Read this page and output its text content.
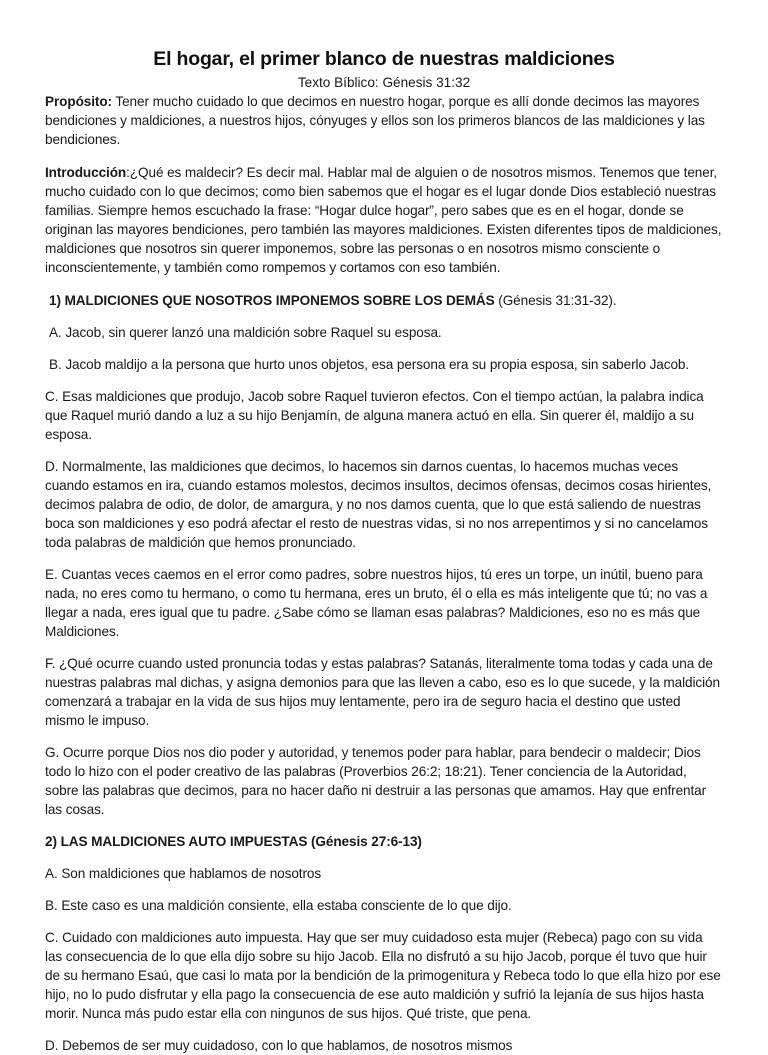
El hogar, el primer blanco de nuestras maldiciones
Texto Bíblico: Génesis 31:32

Propósito: Tener mucho cuidado lo que decimos en nuestro hogar, porque es allí donde decimos las mayores bendiciones y maldiciones, a nuestros hijos, cónyuges y ellos son los primeros blancos de las maldiciones y las bendiciones.

Introducción:¿Qué es maldecir? Es decir mal. Hablar mal de alguien o de nosotros mismos. Tenemos que tener, mucho cuidado con lo que decimos; como bien sabemos que el hogar es el lugar donde Dios estableció nuestras familias. Siempre hemos escuchado la frase: “Hogar dulce hogar”, pero sabes que es en el hogar, donde se originan las mayores bendiciones, pero también las mayores maldiciones. Existen diferentes tipos de maldiciones, maldiciones que nosotros sin querer imponemos, sobre las personas o en nosotros mismo consciente o inconscientemente, y también como rompemos y cortamos con eso también.

1) MALDICIONES QUE NOSOTROS IMPONEMOS SOBRE LOS DEMÁS (Génesis 31:31-32).

A. Jacob, sin querer lanzó una maldición sobre Raquel su esposa.

B. Jacob maldijo a la persona que hurto unos objetos, esa persona era su propia esposa, sin saberlo Jacob.

C. Esas maldiciones que produjo, Jacob sobre Raquel tuvieron efectos. Con el tiempo actúan, la palabra indica que Raquel murió dando a luz a su hijo Benjamín, de alguna manera actuó en ella. Sin querer él, maldijo a su esposa.

D. Normalmente, las maldiciones que decimos, lo hacemos sin darnos cuentas, lo hacemos muchas veces cuando estamos en ira, cuando estamos molestos, decimos insultos, decimos ofensas, decimos cosas hirientes, decimos palabra de odio, de dolor, de amargura, y no nos damos cuenta, que lo que está saliendo de nuestras boca son maldiciones y eso podrá afectar el resto de nuestras vidas, si no nos arrepentimos y si no cancelamos toda palabras de maldición que hemos pronunciado.

E. Cuantas veces caemos en el error como padres, sobre nuestros hijos, tú eres un torpe, un inútil, bueno para nada, no eres como tu hermano, o como tu hermana, eres un bruto, él o ella es más inteligente que tú; no vas a llegar a nada, eres igual que tu padre. ¿Sabe cómo se llaman esas palabras? Maldiciones, eso no es más que Maldiciones.

F. ¿Qué ocurre cuando usted pronuncia todas y estas palabras? Satanás, literalmente toma todas y cada una de nuestras palabras mal dichas, y asigna demonios para que las lleven a cabo, eso es lo que sucede, y la maldición comenzará a trabajar en la vida de sus hijos muy lentamente, pero ira de seguro hacia el destino que usted mismo le impuso.

G. Ocurre porque Dios nos dio poder y autoridad, y tenemos poder para hablar, para bendecir o maldecir; Dios todo lo hizo con el poder creativo de las palabras (Proverbios 26:2; 18:21). Tener conciencia de la Autoridad, sobre las palabras que decimos, para no hacer daño ni destruir a las personas que amamos. Hay que enfrentar las cosas.

2) LAS MALDICIONES AUTO IMPUESTAS (Génesis 27:6-13)

A. Son maldiciones que hablamos de nosotros

B. Este caso es una maldición consiente, ella estaba consciente de lo que dijo.

C. Cuidado con maldiciones auto impuesta. Hay que ser muy cuidadoso esta mujer (Rebeca) pago con su vida las consecuencia de lo que ella dijo sobre su hijo Jacob. Ella no disfrutó a su hijo Jacob, porque él tuvo que huir de su hermano Esaú, que casi lo mata por la bendición de la primogenitura y Rebeca todo lo que ella hizo por ese hijo, no lo pudo disfrutar y ella pago la consecuencia de ese auto maldición y sufrió la lejanía de sus hijos hasta morir. Nunca más pudo estar ella con ningunos de sus hijos. Qué triste, que pena.

D. Debemos de ser muy cuidadoso, con lo que hablamos, de nosotros mismos
